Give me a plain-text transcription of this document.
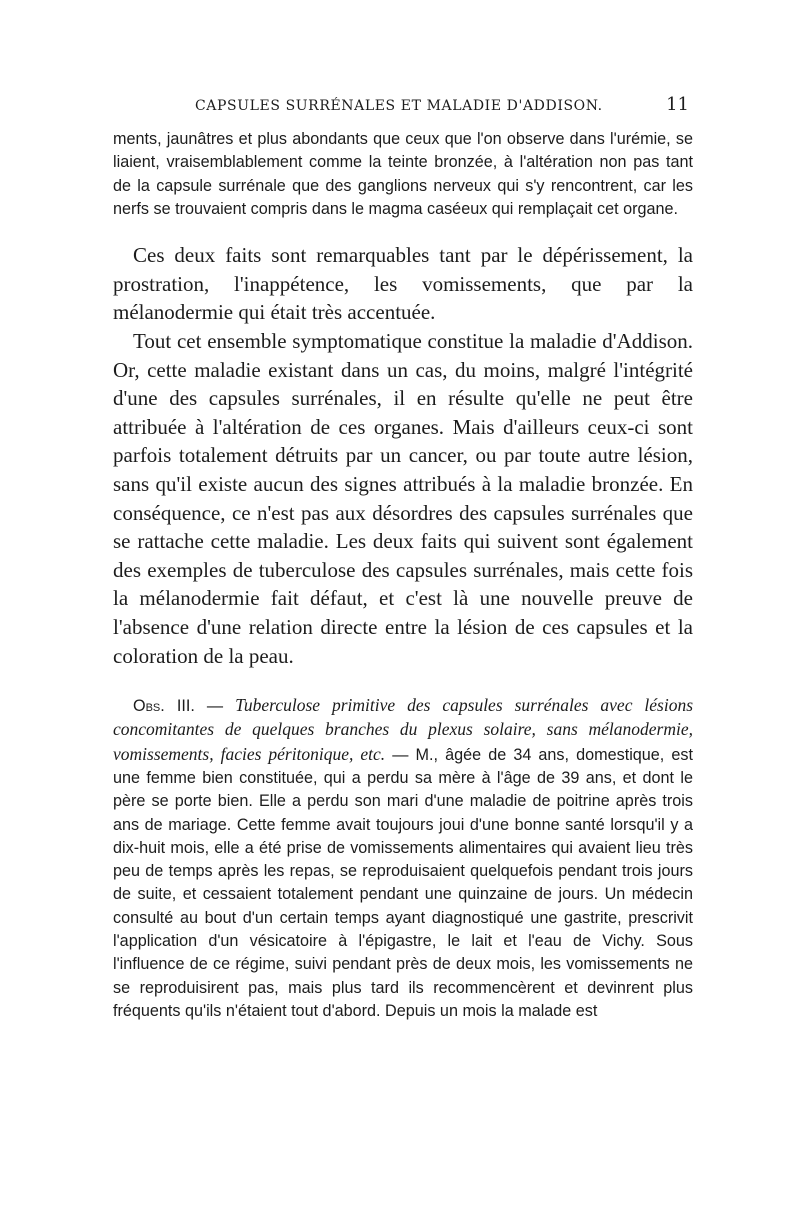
CAPSULES SURRÉNALES ET MALADIE D'ADDISON.	11

ments, jaunâtres et plus abondants que ceux que l'on observe dans l'urémie, se liaient, vraisemblablement comme la teinte bronzée, à l'altération non pas tant de la capsule surrénale que des ganglions nerveux qui s'y rencontrent, car les nerfs se trouvaient compris dans le magma caséeux qui remplaçait cet organe.

Ces deux faits sont remarquables tant par le dépérissement, la prostration, l'inappétence, les vomissements, que par la mélanodermie qui était très accentuée.

Tout cet ensemble symptomatique constitue la maladie d'Addison. Or, cette maladie existant dans un cas, du moins, malgré l'intégrité d'une des capsules surrénales, il en résulte qu'elle ne peut être attribuée à l'altération de ces organes. Mais d'ailleurs ceux-ci sont parfois totalement détruits par un cancer, ou par toute autre lésion, sans qu'il existe aucun des signes attribués à la maladie bronzée. En conséquence, ce n'est pas aux désordres des capsules surrénales que se rattache cette maladie. Les deux faits qui suivent sont également des exemples de tuberculose des capsules surrénales, mais cette fois la mélanodermie fait défaut, et c'est là une nouvelle preuve de l'absence d'une relation directe entre la lésion de ces capsules et la coloration de la peau.

Obs. III. — Tuberculose primitive des capsules surrénales avec lésions concomitantes de quelques branches du plexus solaire, sans mélanodermie, vomissements, facies péritonique, etc. — M., âgée de 34 ans, domestique, est une femme bien constituée, qui a perdu sa mère à l'âge de 39 ans, et dont le père se porte bien. Elle a perdu son mari d'une maladie de poitrine après trois ans de mariage. Cette femme avait toujours joui d'une bonne santé lorsqu'il y a dix-huit mois, elle a été prise de vomissements alimentaires qui avaient lieu très peu de temps après les repas, se reproduisaient quelquefois pendant trois jours de suite, et cessaient totalement pendant une quinzaine de jours. Un médecin consulté au bout d'un certain temps ayant diagnostiqué une gastrite, prescrivit l'application d'un vésicatoire à l'épigastre, le lait et l'eau de Vichy. Sous l'influence de ce régime, suivi pendant près de deux mois, les vomissements ne se reproduisirent pas, mais plus tard ils recommencèrent et devinrent plus fréquents qu'ils n'étaient tout d'abord. Depuis un mois la malade est
